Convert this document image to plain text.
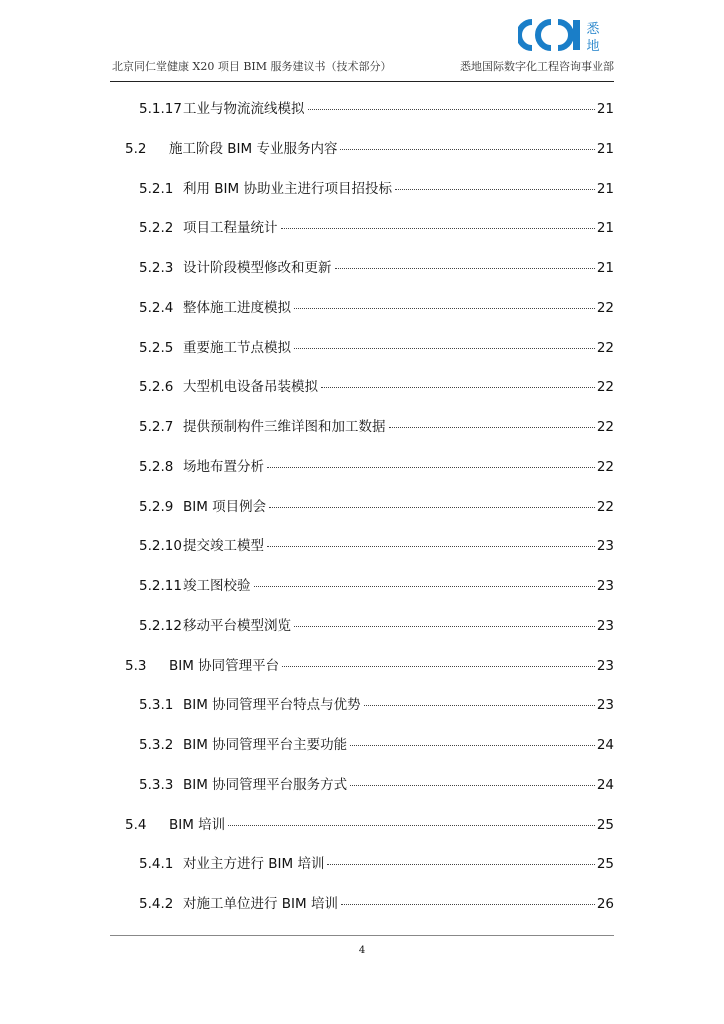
北京同仁堂健康 X20 项目 BIM 服务建议书（技术部分）	悉地国际数字化工程咨询事业部
悉
地
5.1.17 工业与物流流线模拟	21
5.2	施工阶段 BIM 专业服务内容	21
5.2.1 利用 BIM 协助业主进行项目招投标	21
5.2.2 项目工程量统计	21
5.2.3 设计阶段模型修改和更新	21
5.2.4 整体施工进度模拟	22
5.2.5 重要施工节点模拟	22
5.2.6 大型机电设备吊装模拟	22
5.2.7 提供预制构件三维详图和加工数据	22
5.2.8 场地布置分析	22
5.2.9 BIM 项目例会	22
5.2.10 提交竣工模型	23
5.2.11 竣工图校验	23
5.2.12 移动平台模型浏览	23
5.3	BIM 协同管理平台	23
5.3.1 BIM 协同管理平台特点与优势	23
5.3.2 BIM 协同管理平台主要功能	24
5.3.3 BIM 协同管理平台服务方式	24
5.4	BIM 培训	25
5.4.1 对业主方进行 BIM 培训	25
5.4.2 对施工单位进行 BIM 培训	26
4
